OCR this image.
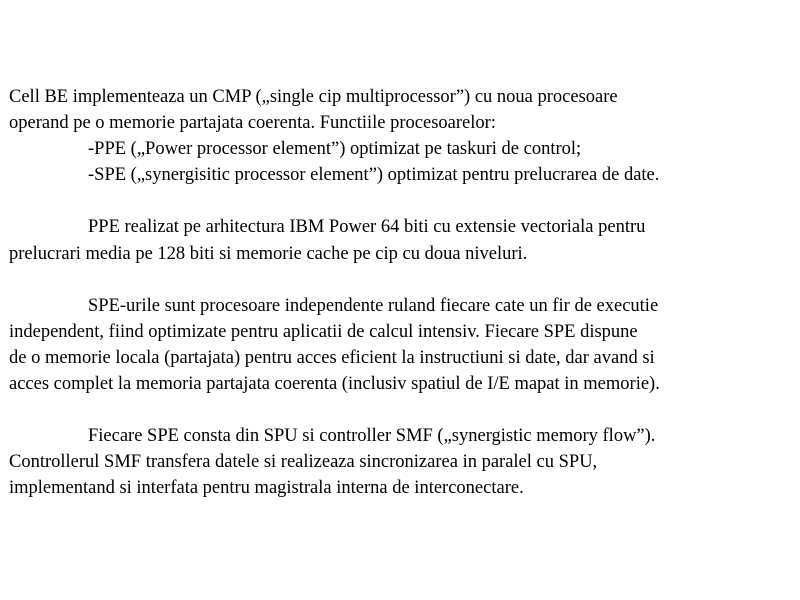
Cell BE implementeaza un CMP („single cip multiprocessor”) cu noua procesoare
operand pe o memorie partajata coerenta. Functiile procesoarelor:
-PPE („Power processor element”) optimizat pe taskuri de control;
-SPE („synergisitic processor element”) optimizat pentru prelucrarea de date.
PPE realizat pe arhitectura IBM Power 64 biti cu extensie vectoriala pentru
prelucrari media pe 128 biti si memorie cache pe cip cu doua niveluri.
SPE-urile sunt procesoare independente ruland fiecare cate un fir de executie
independent, fiind optimizate pentru aplicatii de calcul intensiv. Fiecare SPE dispune
de o memorie locala (partajata) pentru acces eficient la instructiuni si date, dar avand si
acces complet la memoria partajata coerenta (inclusiv spatiul de I/E mapat in memorie).
Fiecare SPE consta din SPU si controller SMF („synergistic memory flow”).
Controllerul SMF transfera datele si realizeaza sincronizarea in paralel cu SPU,
implementand si interfata pentru magistrala interna de interconectare.
